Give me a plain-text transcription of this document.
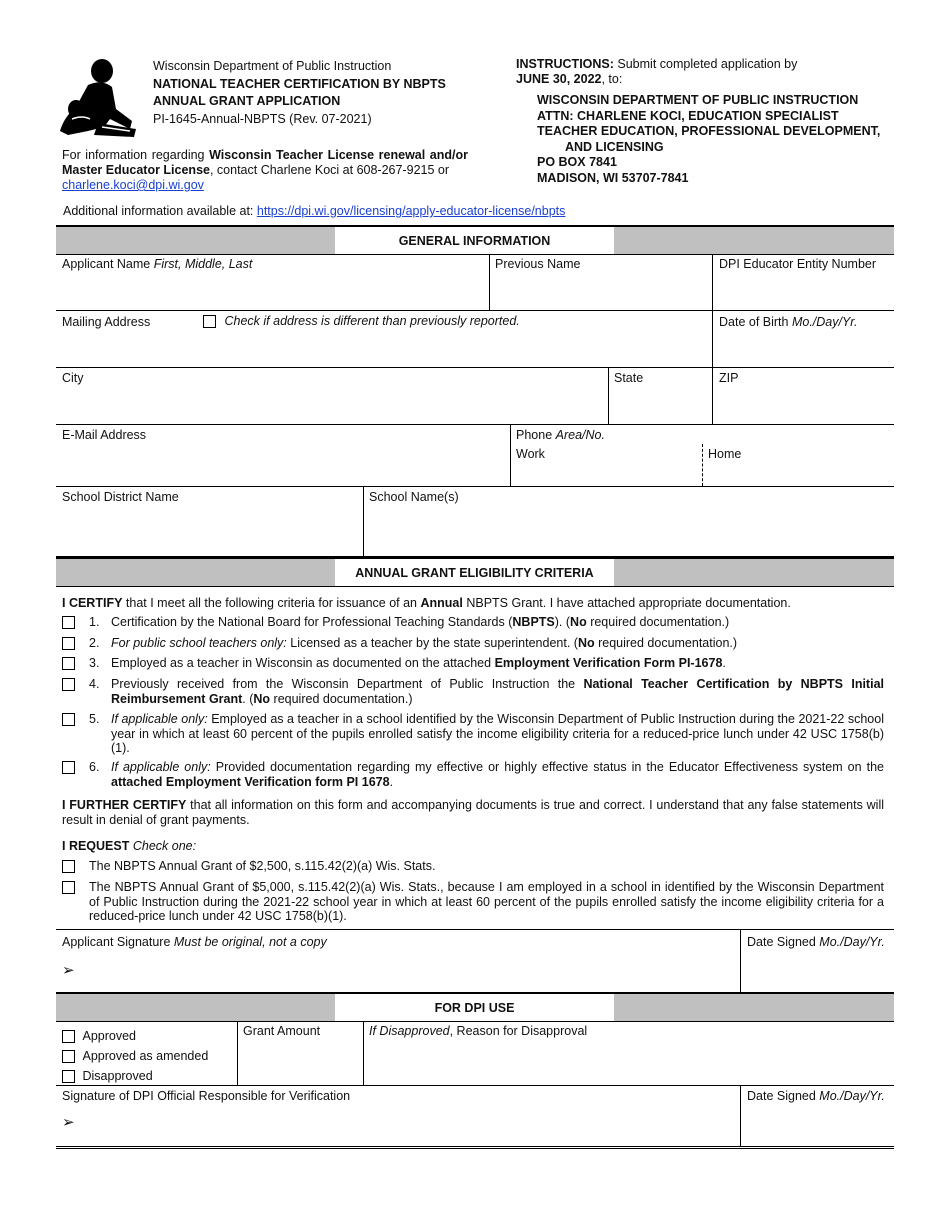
Wisconsin Department of Public Instruction
NATIONAL TEACHER CERTIFICATION BY NBPTS
ANNUAL GRANT APPLICATION
PI-1645-Annual-NBPTS (Rev. 07-2021)
For information regarding Wisconsin Teacher License renewal and/or Master Educator License, contact Charlene Koci at 608-267-9215 or
charlene.koci@dpi.wi.gov
INSTRUCTIONS: Submit completed application by
JUNE 30, 2022, to:
WISCONSIN DEPARTMENT OF PUBLIC INSTRUCTION
ATTN: CHARLENE KOCI, EDUCATION SPECIALIST
TEACHER EDUCATION, PROFESSIONAL DEVELOPMENT,
AND LICENSING
PO BOX 7841
MADISON, WI 53707-7841
Additional information available at: https://dpi.wi.gov/licensing/apply-educator-license/nbpts
GENERAL INFORMATION
Applicant Name First, Middle, Last	Previous Name	DPI Educator Entity Number
Mailing Address	Check if address is different than previously reported.	Date of Birth Mo./Day/Yr.
City	State	ZIP
E-Mail Address	Phone Area/No.
Work	Home
School District Name	School Name(s)
ANNUAL GRANT ELIGIBILITY CRITERIA
I CERTIFY that I meet all the following criteria for issuance of an Annual NBPTS Grant. I have attached appropriate documentation.
1. Certification by the National Board for Professional Teaching Standards (NBPTS). (No required documentation.)
2. For public school teachers only: Licensed as a teacher by the state superintendent. (No required documentation.)
3. Employed as a teacher in Wisconsin as documented on the attached Employment Verification Form PI-1678.
4. Previously received from the Wisconsin Department of Public Instruction the National Teacher Certification by NBPTS Initial Reimbursement Grant. (No required documentation.)
5. If applicable only: Employed as a teacher in a school identified by the Wisconsin Department of Public Instruction during the 2021-22 school year in which at least 60 percent of the pupils enrolled satisfy the income eligibility criteria for a reduced-price lunch under 42 USC 1758(b)(1).
6. If applicable only: Provided documentation regarding my effective or highly effective status in the Educator Effectiveness system on the attached Employment Verification form PI 1678.
I FURTHER CERTIFY that all information on this form and accompanying documents is true and correct. I understand that any false statements will result in denial of grant payments.
I REQUEST Check one:
The NBPTS Annual Grant of $2,500, s.115.42(2)(a) Wis. Stats.
The NBPTS Annual Grant of $5,000, s.115.42(2)(a) Wis. Stats., because I am employed in a school in identified by the Wisconsin Department of Public Instruction during the 2021-22 school year in which at least 60 percent of the pupils enrolled satisfy the income eligibility criteria for a reduced-price lunch under 42 USC 1758(b)(1).
Applicant Signature Must be original, not a copy
➢
Date Signed Mo./Day/Yr.
FOR DPI USE
Approved
Approved as amended
Disapproved
Grant Amount	If Disapproved, Reason for Disapproval
Signature of DPI Official Responsible for Verification
➢
Date Signed Mo./Day/Yr.
